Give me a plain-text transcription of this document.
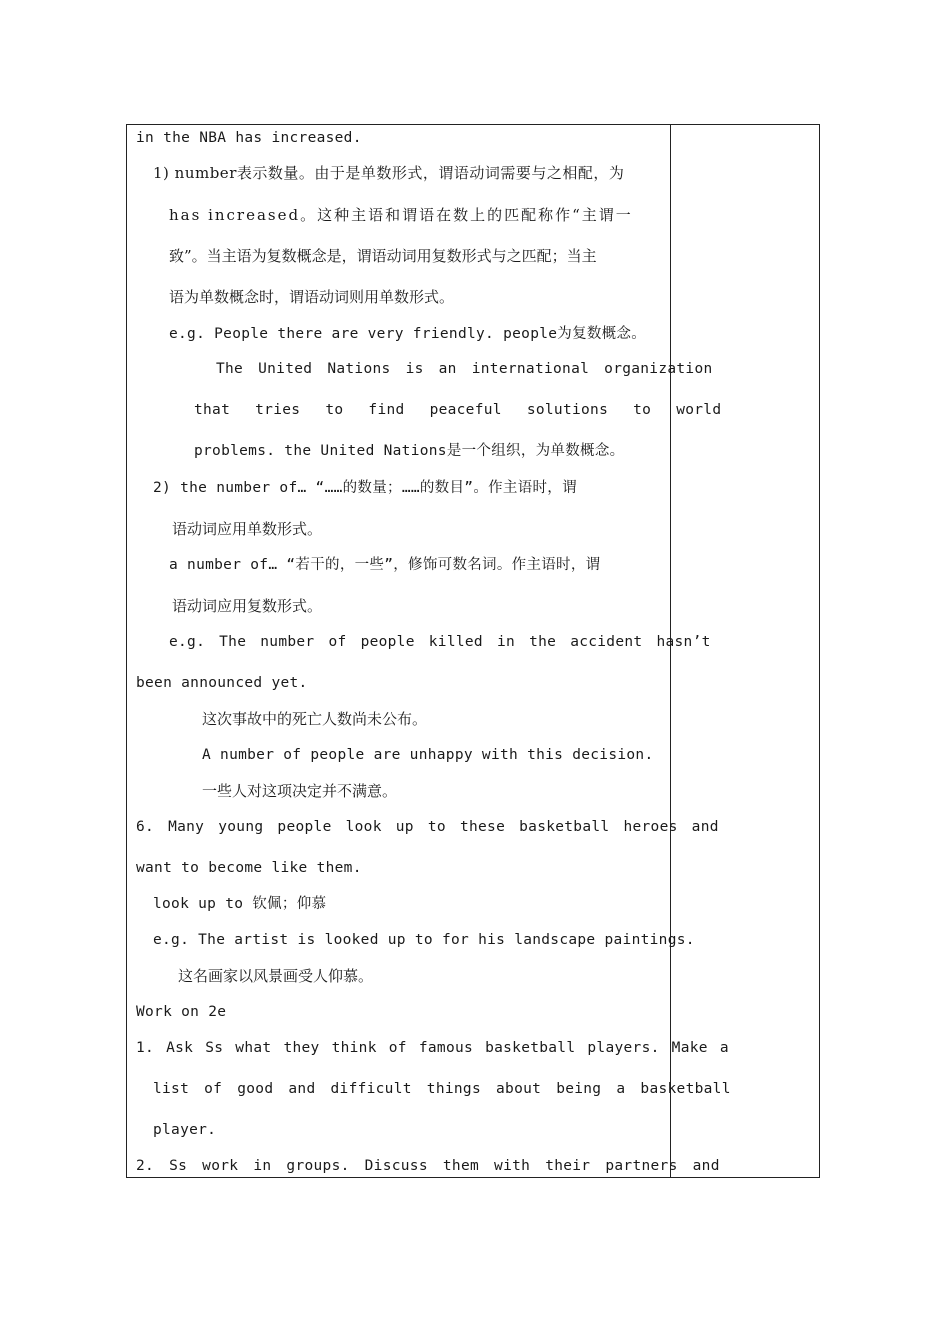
in the NBA has increased.
1) number表示数量。由于是单数形式，谓语动词需要与之相配，为
has increased。这种主语和谓语在数上的匹配称作“主谓一
致”。当主语为复数概念是，谓语动词用复数形式与之匹配；当主
语为单数概念时，谓语动词则用单数形式。
e.g. People there are very friendly. people为复数概念。
The United Nations is an international organization
that tries to find peaceful solutions to world
problems. the United Nations是一个组织，为单数概念。
2) the number of… “……的数量；……的数目”。作主语时，谓
语动词应用单数形式。
a number of… “若干的，一些”，修饰可数名词。作主语时，谓
语动词应用复数形式。
e.g. The number of people killed in the accident hasn’t
been announced yet.
这次事故中的死亡人数尚未公布。
A number of people are unhappy with this decision.
一些人对这项决定并不满意。
6. Many young people look up to these basketball heroes and
want to become like them.
look up to 钦佩；仰慕
e.g. The artist is looked up to for his landscape paintings.
这名画家以风景画受人仰慕。
Work on 2e
1. Ask Ss what they think of famous basketball players. Make a
list of good and difficult things about being a basketball
player.
2. Ss work in groups. Discuss them with their partners and
